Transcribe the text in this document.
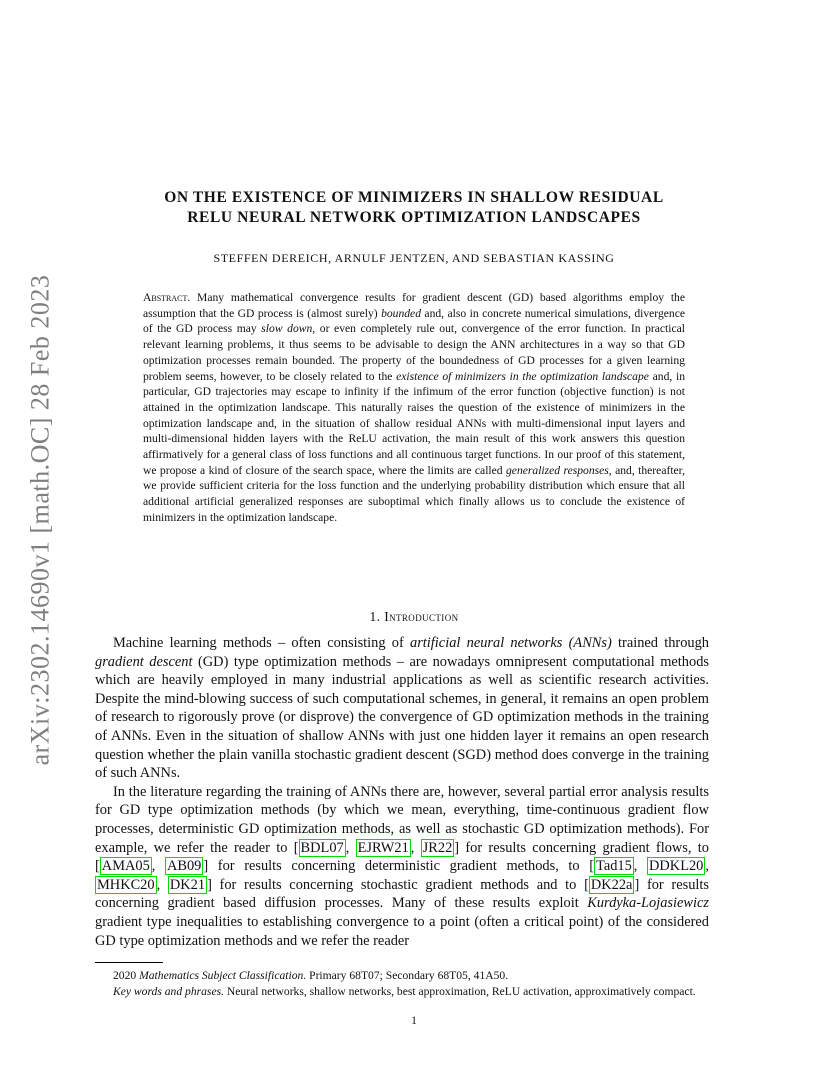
arXiv:2302.14690v1 [math.OC] 28 Feb 2023
ON THE EXISTENCE OF MINIMIZERS IN SHALLOW RESIDUAL
RELU NEURAL NETWORK OPTIMIZATION LANDSCAPES
STEFFEN DEREICH, ARNULF JENTZEN, AND SEBASTIAN KASSING

Abstract. Many mathematical convergence results for gradient descent (GD) based algorithms employ the assumption that the GD process is (almost surely) bounded and, also in concrete numerical simulations, divergence of the GD process may slow down, or even completely rule out, convergence of the error function. In practical relevant learning problems, it thus seems to be advisable to design the ANN architectures in a way so that GD optimization processes remain bounded. The property of the boundedness of GD processes for a given learning problem seems, however, to be closely related to the existence of minimizers in the optimization landscape and, in particular, GD trajectories may escape to infinity if the infimum of the error function (objective function) is not attained in the optimization landscape. This naturally raises the question of the existence of minimizers in the optimization landscape and, in the situation of shallow residual ANNs with multi-dimensional input layers and multi-dimensional hidden layers with the ReLU activation, the main result of this work answers this question affirmatively for a general class of loss functions and all continuous target functions. In our proof of this statement, we propose a kind of closure of the search space, where the limits are called generalized responses, and, thereafter, we provide sufficient criteria for the loss function and the underlying probability distribution which ensure that all additional artificial generalized responses are suboptimal which finally allows us to conclude the existence of minimizers in the optimization landscape.

1. Introduction

Machine learning methods – often consisting of artificial neural networks (ANNs) trained through gradient descent (GD) type optimization methods – are nowadays omnipresent computational methods which are heavily employed in many industrial applications as well as scientific research activities. Despite the mind-blowing success of such computational schemes, in general, it remains an open problem of research to rigorously prove (or disprove) the convergence of GD optimization methods in the training of ANNs. Even in the situation of shallow ANNs with just one hidden layer it remains an open research question whether the plain vanilla stochastic gradient descent (SGD) method does converge in the training of such ANNs.

In the literature regarding the training of ANNs there are, however, several partial error analysis results for GD type optimization methods (by which we mean, everything, time-continuous gradient flow processes, deterministic GD optimization methods, as well as stochastic GD optimization methods). For example, we refer the reader to [ BDL07 , EJRW21 , JR22 ] for results concerning gradient flows, to [ AMA05 , AB09 ] for results concerning deterministic gradient methods, to [ Tad15 , DDKL20 , MHKC20 , DK21 ] for results concerning stochastic gradient methods and to [ DK22a ] for results concerning gradient based diffusion processes. Many of these results exploit Kurdyka-Lojasiewicz gradient type inequalities to establishing convergence to a point (often a critical point) of the considered GD type optimization methods and we refer the reader

2020 Mathematics Subject Classification. Primary 68T07; Secondary 68T05, 41A50.

Key words and phrases. Neural networks, shallow networks, best approximation, ReLU activation, approximatively compact.

1
